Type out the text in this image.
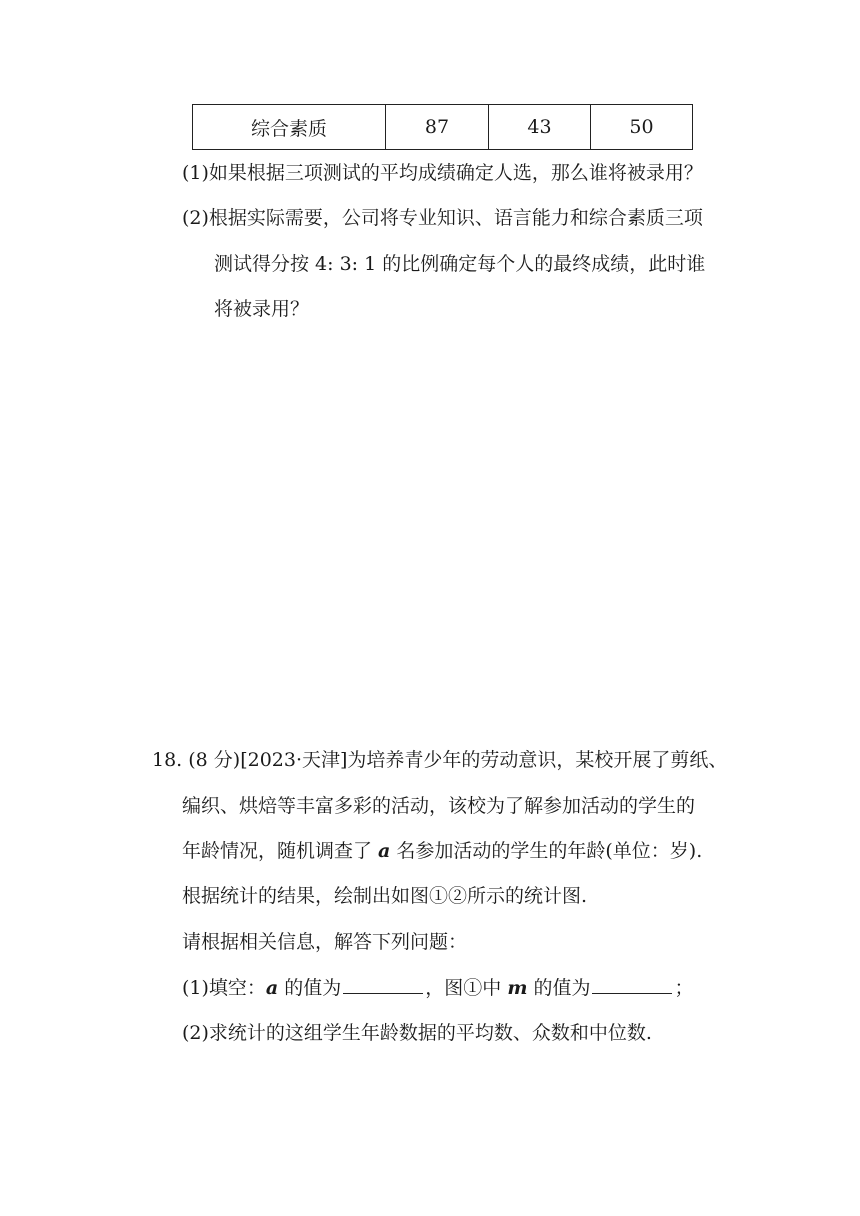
综合素质	87	43	50
(1)如果根据三项测试的平均成绩确定人选，那么谁将被录用？
(2)根据实际需要，公司将专业知识、语言能力和综合素质三项
测试得分按 4: 3: 1 的比例确定每个人的最终成绩，此时谁
将被录用？
18. (8 分)[2023·天津]为培养青少年的劳动意识，某校开展了剪纸、
编织、烘焙等丰富多彩的活动，该校为了解参加活动的学生的
年龄情况，随机调查了 a 名参加活动的学生的年龄(单位：岁).
根据统计的结果，绘制出如图①②所示的统计图.
请根据相关信息，解答下列问题：
(1)填空：a 的值为	，图①中 m 的值为	；
(2)求统计的这组学生年龄数据的平均数、众数和中位数.
